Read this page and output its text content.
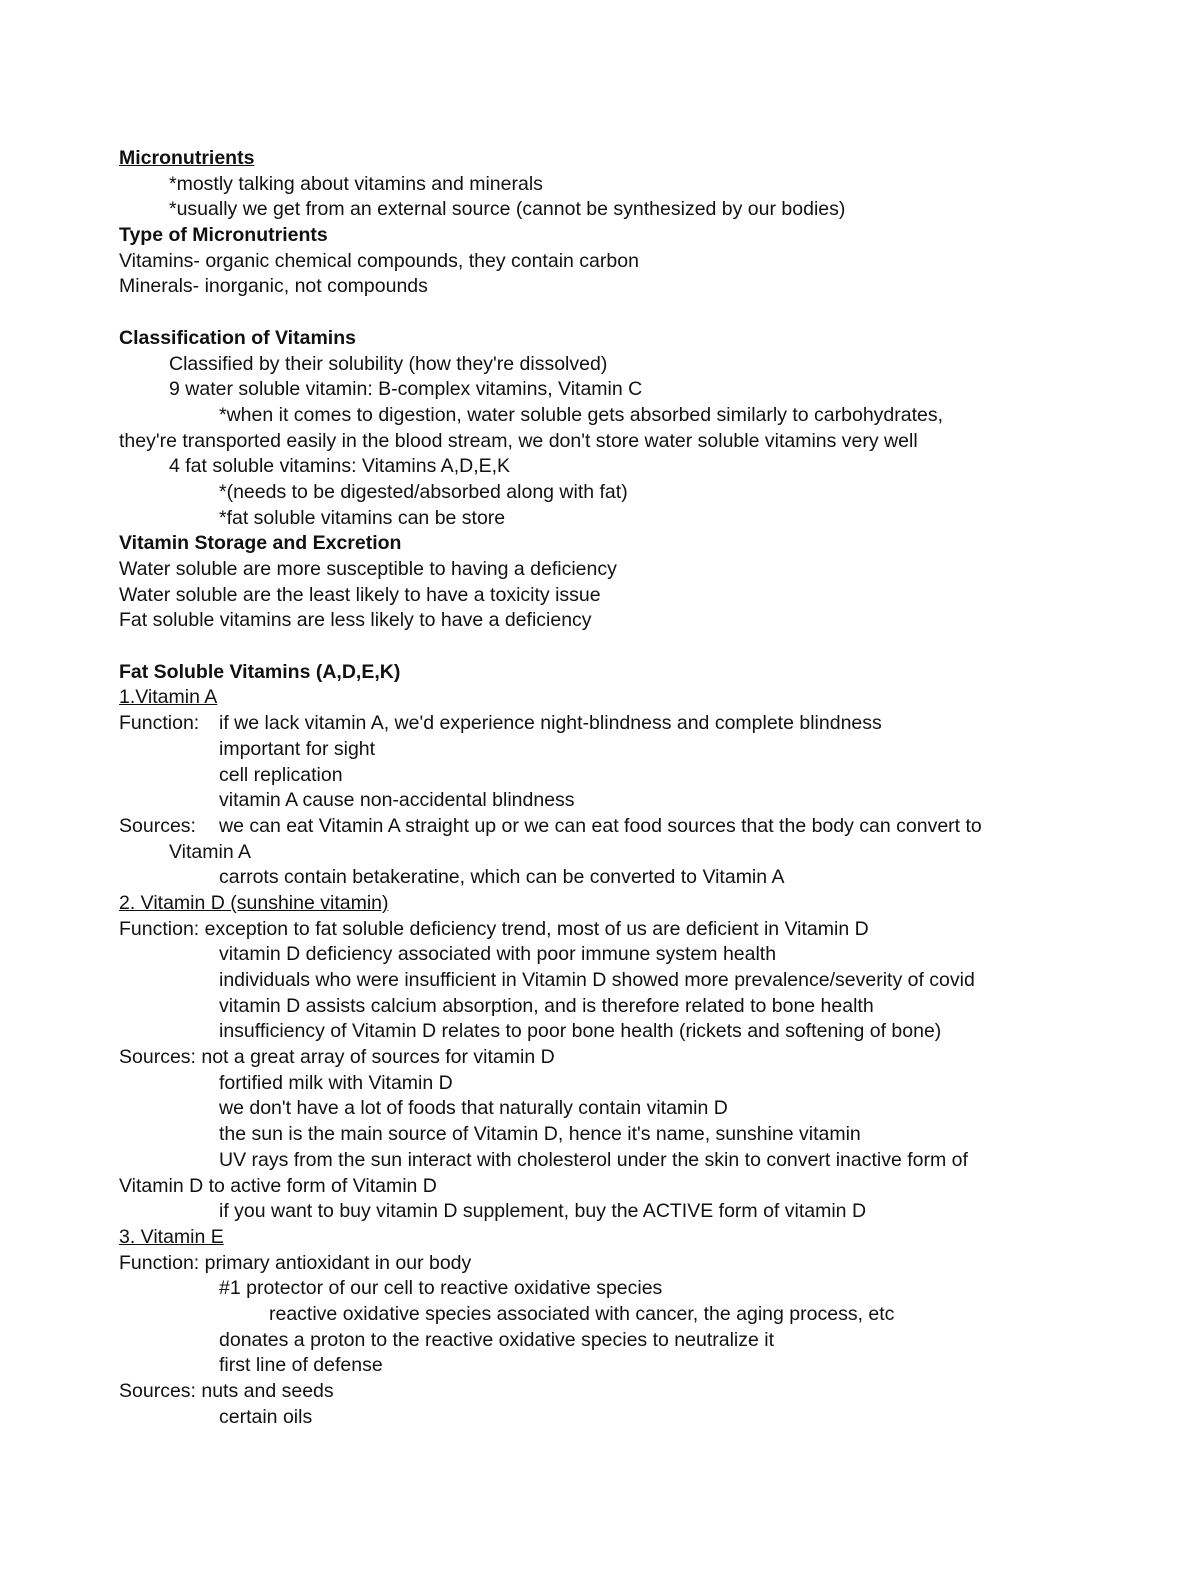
Micronutrients
*mostly talking about vitamins and minerals
*usually we get from an external source (cannot be synthesized by our bodies)
Type of Micronutrients
Vitamins- organic chemical compounds, they contain carbon
Minerals- inorganic, not compounds
Classification of Vitamins
Classified by their solubility (how they're dissolved)
9 water soluble vitamin: B-complex vitamins, Vitamin C
*when it comes to digestion, water soluble gets absorbed similarly to carbohydrates,
they're transported easily in the blood stream, we don't store water soluble vitamins very well
4 fat soluble vitamins: Vitamins A,D,E,K
*(needs to be digested/absorbed along with fat)
*fat soluble vitamins can be store
Vitamin Storage and Excretion
Water soluble are more susceptible to having a deficiency
Water soluble are the least likely to have a toxicity issue
Fat soluble vitamins are less likely to have a deficiency
Fat Soluble Vitamins (A,D,E,K)
1.Vitamin A
Function: if we lack vitamin A, we'd experience night-blindness and complete blindness
important for sight
cell replication
vitamin A cause non-accidental blindness
Sources: we can eat Vitamin A straight up or we can eat food sources that the body can convert to
Vitamin A
carrots contain betakeratine, which can be converted to Vitamin A
2. Vitamin D (sunshine vitamin)
Function: exception to fat soluble deficiency trend, most of us are deficient in Vitamin D
vitamin D deficiency associated with poor immune system health
individuals who were insufficient in Vitamin D showed more prevalence/severity of covid
vitamin D assists calcium absorption, and is therefore related to bone health
insufficiency of Vitamin D relates to poor bone health (rickets and softening of bone)
Sources: not a great array of sources for vitamin D
fortified milk with Vitamin D
we don't have a lot of foods that naturally contain vitamin D
the sun is the main source of Vitamin D, hence it's name, sunshine vitamin
UV rays from the sun interact with cholesterol under the skin to convert inactive form of
Vitamin D to active form of Vitamin D
if you want to buy vitamin D supplement, buy the ACTIVE form of vitamin D
3. Vitamin E
Function: primary antioxidant in our body
#1 protector of our cell to reactive oxidative species
reactive oxidative species associated with cancer, the aging process, etc
donates a proton to the reactive oxidative species to neutralize it
first line of defense
Sources: nuts and seeds
certain oils
